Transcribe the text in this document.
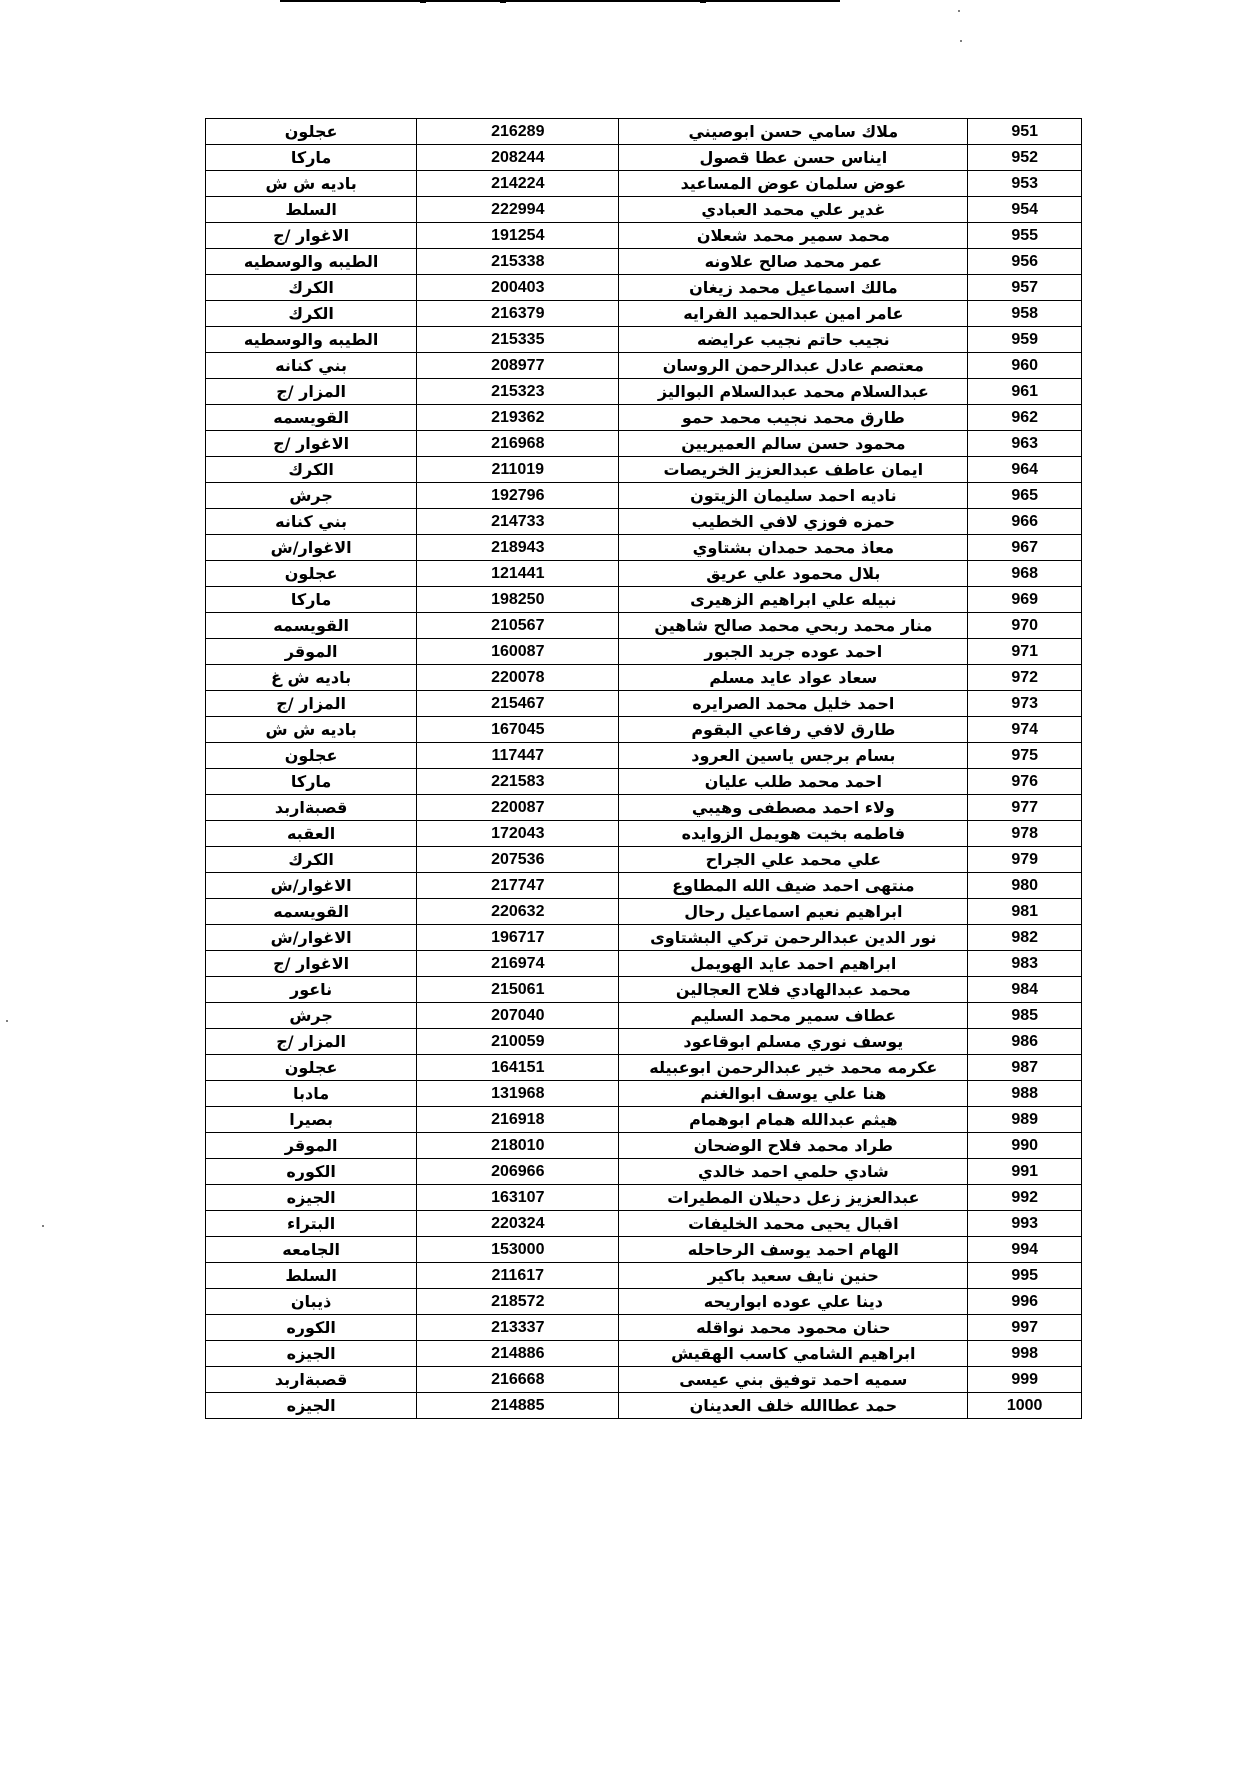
عجلون	216289	ملاك سامي حسن ابوصيني	951
ماركا	208244	ايناس حسن عطا قصول	952
باديه ش ش	214224	عوض سلمان عوض المساعيد	953
السلط	222994	غدير علي محمد العبادي	954
الاغوار /ج	191254	محمد سمير محمد شعلان	955
الطيبه والوسطيه	215338	عمر محمد صالح علاونه	956
الكرك	200403	مالك اسماعيل محمد زيغان	957
الكرك	216379	عامر امين عبدالحميد الفرايه	958
الطيبه والوسطيه	215335	نجيب حاتم نجيب عرايضه	959
بني كنانه	208977	معتصم عادل عبدالرحمن الروسان	960
المزار /ج	215323	عبدالسلام محمد عبدالسلام البواليز	961
القويسمه	219362	طارق محمد نجيب محمد حمو	962
الاغوار /ج	216968	محمود حسن سالم العميريين	963
الكرك	211019	ايمان عاطف عبدالعزيز الخريصات	964
جرش	192796	ناديه احمد سليمان الزيتون	965
بني كنانه	214733	حمزه فوزي لافي الخطيب	966
الاغوار/ش	218943	معاذ محمد حمدان بشتاوي	967
عجلون	121441	بلال محمود علي عريق	968
ماركا	198250	نبيله علي ابراهيم الزهيرى	969
القويسمه	210567	منار محمد ربحي محمد صالح شاهين	970
الموقر	160087	احمد عوده جريد الجبور	971
باديه ش غ	220078	سعاد عواد عايد مسلم	972
المزار /ج	215467	احمد خليل محمد الصرايره	973
باديه ش ش	167045	طارق لافي رفاعي البقوم	974
عجلون	117447	بسام برجس ياسين العرود	975
ماركا	221583	احمد محمد طلب عليان	976
قصبةاربد	220087	ولاء احمد مصطفى وهيبي	977
العقبه	172043	فاطمه بخيت هويمل الزوايده	978
الكرك	207536	علي محمد علي الجراح	979
الاغوار/ش	217747	منتهى احمد ضيف الله المطاوع	980
القويسمه	220632	ابراهيم نعيم اسماعيل رحال	981
الاغوار/ش	196717	نور الدين عبدالرحمن تركي البشتاوى	982
الاغوار /ج	216974	ابراهيم احمد عايد الهويمل	983
ناعور	215061	محمد عبدالهادي فلاح العجالين	984
جرش	207040	عطاف سمير محمد السليم	985
المزار /ج	210059	يوسف نوري مسلم ابوقاعود	986
عجلون	164151	عكرمه محمد خير عبدالرحمن ابوعبيله	987
مادبا	131968	هنا علي يوسف ابوالغنم	988
بصيرا	216918	هيثم عبدالله همام ابوهمام	989
الموقر	218010	طراد محمد فلاح الوضحان	990
الكوره	206966	شادي حلمي احمد خالدي	991
الجيزه	163107	عبدالعزيز زعل دحيلان المطيرات	992
البتراء	220324	اقبال يحيى محمد الخليفات	993
الجامعه	153000	الهام احمد يوسف الرحاحله	994
السلط	211617	حنين نايف سعيد باكير	995
ذيبان	218572	دينا علي عوده ابواريحه	996
الكوره	213337	حنان محمود محمد نواقله	997
الجيزه	214886	ابراهيم الشامي كاسب الهقيش	998
قصبةاربد	216668	سميه احمد توفيق بني عيسى	999
الجيزه	214885	حمد عطاالله خلف العدينان	1000
